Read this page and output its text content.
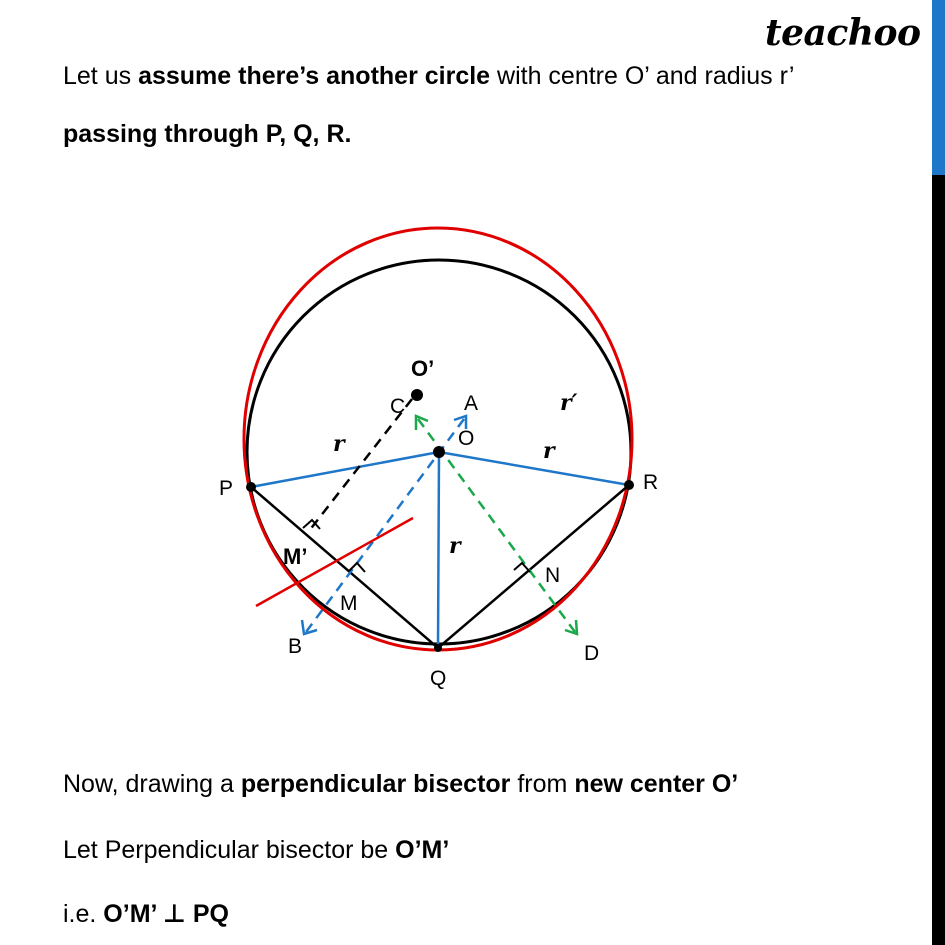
teachoo
Let us assume there’s another circle with centre O’ and radius r’
passing through P, Q, R.
P	R
Q
O
O’
A
C
B	D
M
M’
N
r	r
r
r′
Now, drawing a perpendicular bisector from new center O’
Let Perpendicular bisector be O’M’
i.e. O’M’ ⊥ PQ
